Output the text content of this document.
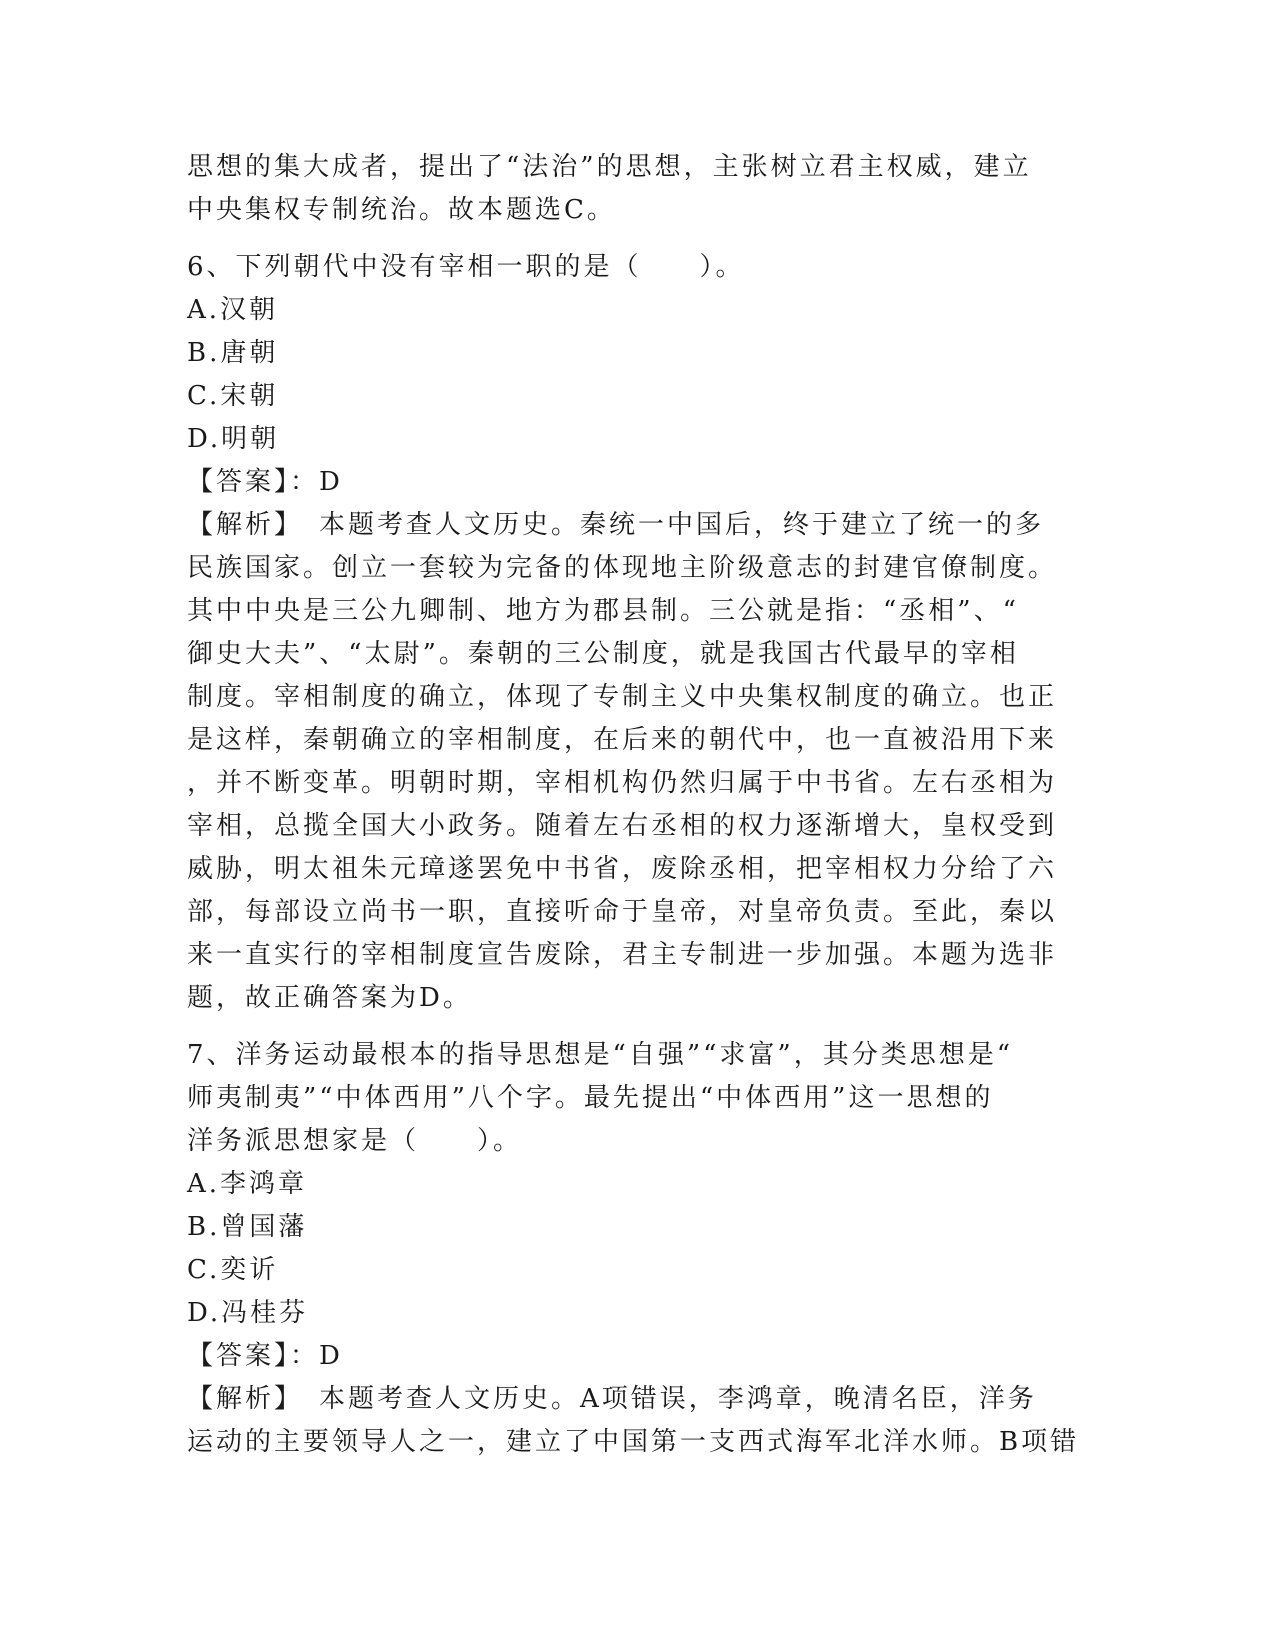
思想的集大成者，提出了“法治”的思想，主张树立君主权威，建立
中央集权专制统治。故本题选C。
6、下列朝代中没有宰相一职的是（　　）。
A.汉朝
B.唐朝
C.宋朝
D.明朝
【答案】：D
【解析】　本题考查人文历史。秦统一中国后，终于建立了统一的多
民族国家。创立一套较为完备的体现地主阶级意志的封建官僚制度。
其中中央是三公九卿制、地方为郡县制。三公就是指：“丞相”、“
御史大夫”、“太尉”。秦朝的三公制度，就是我国古代最早的宰相
制度。宰相制度的确立，体现了专制主义中央集权制度的确立。也正
是这样，秦朝确立的宰相制度，在后来的朝代中，也一直被沿用下来
，并不断变革。明朝时期，宰相机构仍然归属于中书省。左右丞相为
宰相，总揽全国大小政务。随着左右丞相的权力逐渐增大，皇权受到
威胁，明太祖朱元璋遂罢免中书省，废除丞相，把宰相权力分给了六
部，每部设立尚书一职，直接听命于皇帝，对皇帝负责。至此，秦以
来一直实行的宰相制度宣告废除，君主专制进一步加强。本题为选非
题，故正确答案为D。
7、洋务运动最根本的指导思想是“自强”“求富”，其分类思想是“
师夷制夷”“中体西用”八个字。最先提出“中体西用”这一思想的
洋务派思想家是（　　）。
A.李鸿章
B.曾国藩
C.奕䜣
D.冯桂芬
【答案】：D
【解析】　本题考查人文历史。A项错误，李鸿章，晚清名臣，洋务
运动的主要领导人之一，建立了中国第一支西式海军北洋水师。B项错
